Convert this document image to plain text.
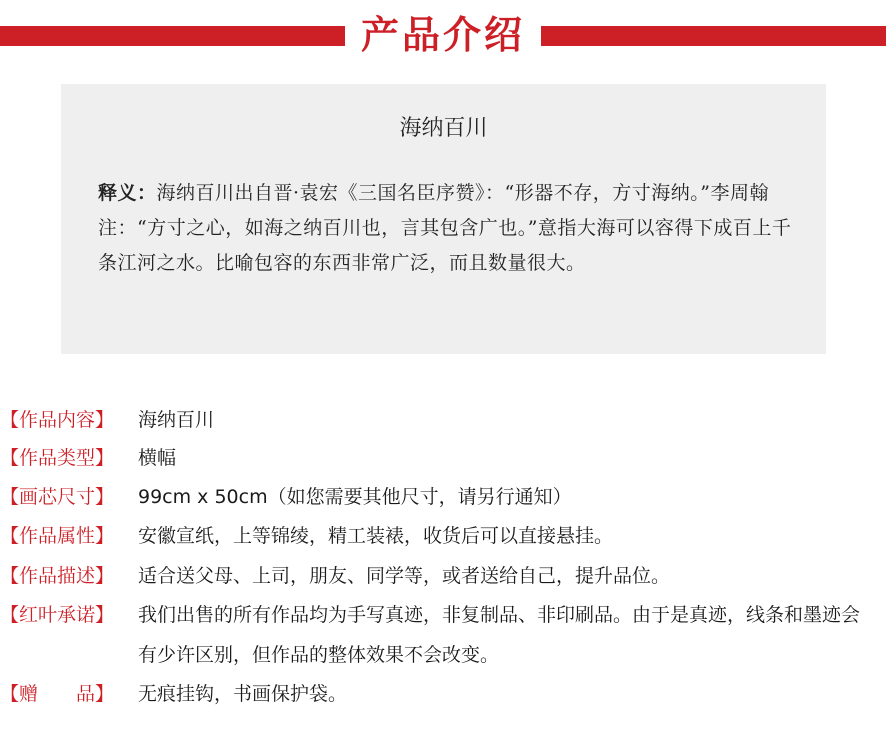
产品介绍
海纳百川
释义：海纳百川出自晋·袁宏《三国名臣序赞》：“形器不存，方寸海纳。”李周翰注：“方寸之心，如海之纳百川也，言其包含广也。”意指大海可以容得下成百上千条江河之水。比喻包容的东西非常广泛，而且数量很大。
【作品内容】	海纳百川
【作品类型】	横幅
【画芯尺寸】	99cm x 50cm（如您需要其他尺寸，请另行通知）
【作品属性】	安徽宣纸，上等锦绫，精工装裱，收货后可以直接悬挂。
【作品描述】	适合送父母、上司，朋友、同学等，或者送给自己，提升品位。
【红叶承诺】	我们出售的所有作品均为手写真迹，非复制品、非印刷品。由于是真迹，线条和墨迹会有少许区别，但作品的整体效果不会改变。
【赠　　品】	无痕挂钩，书画保护袋。
